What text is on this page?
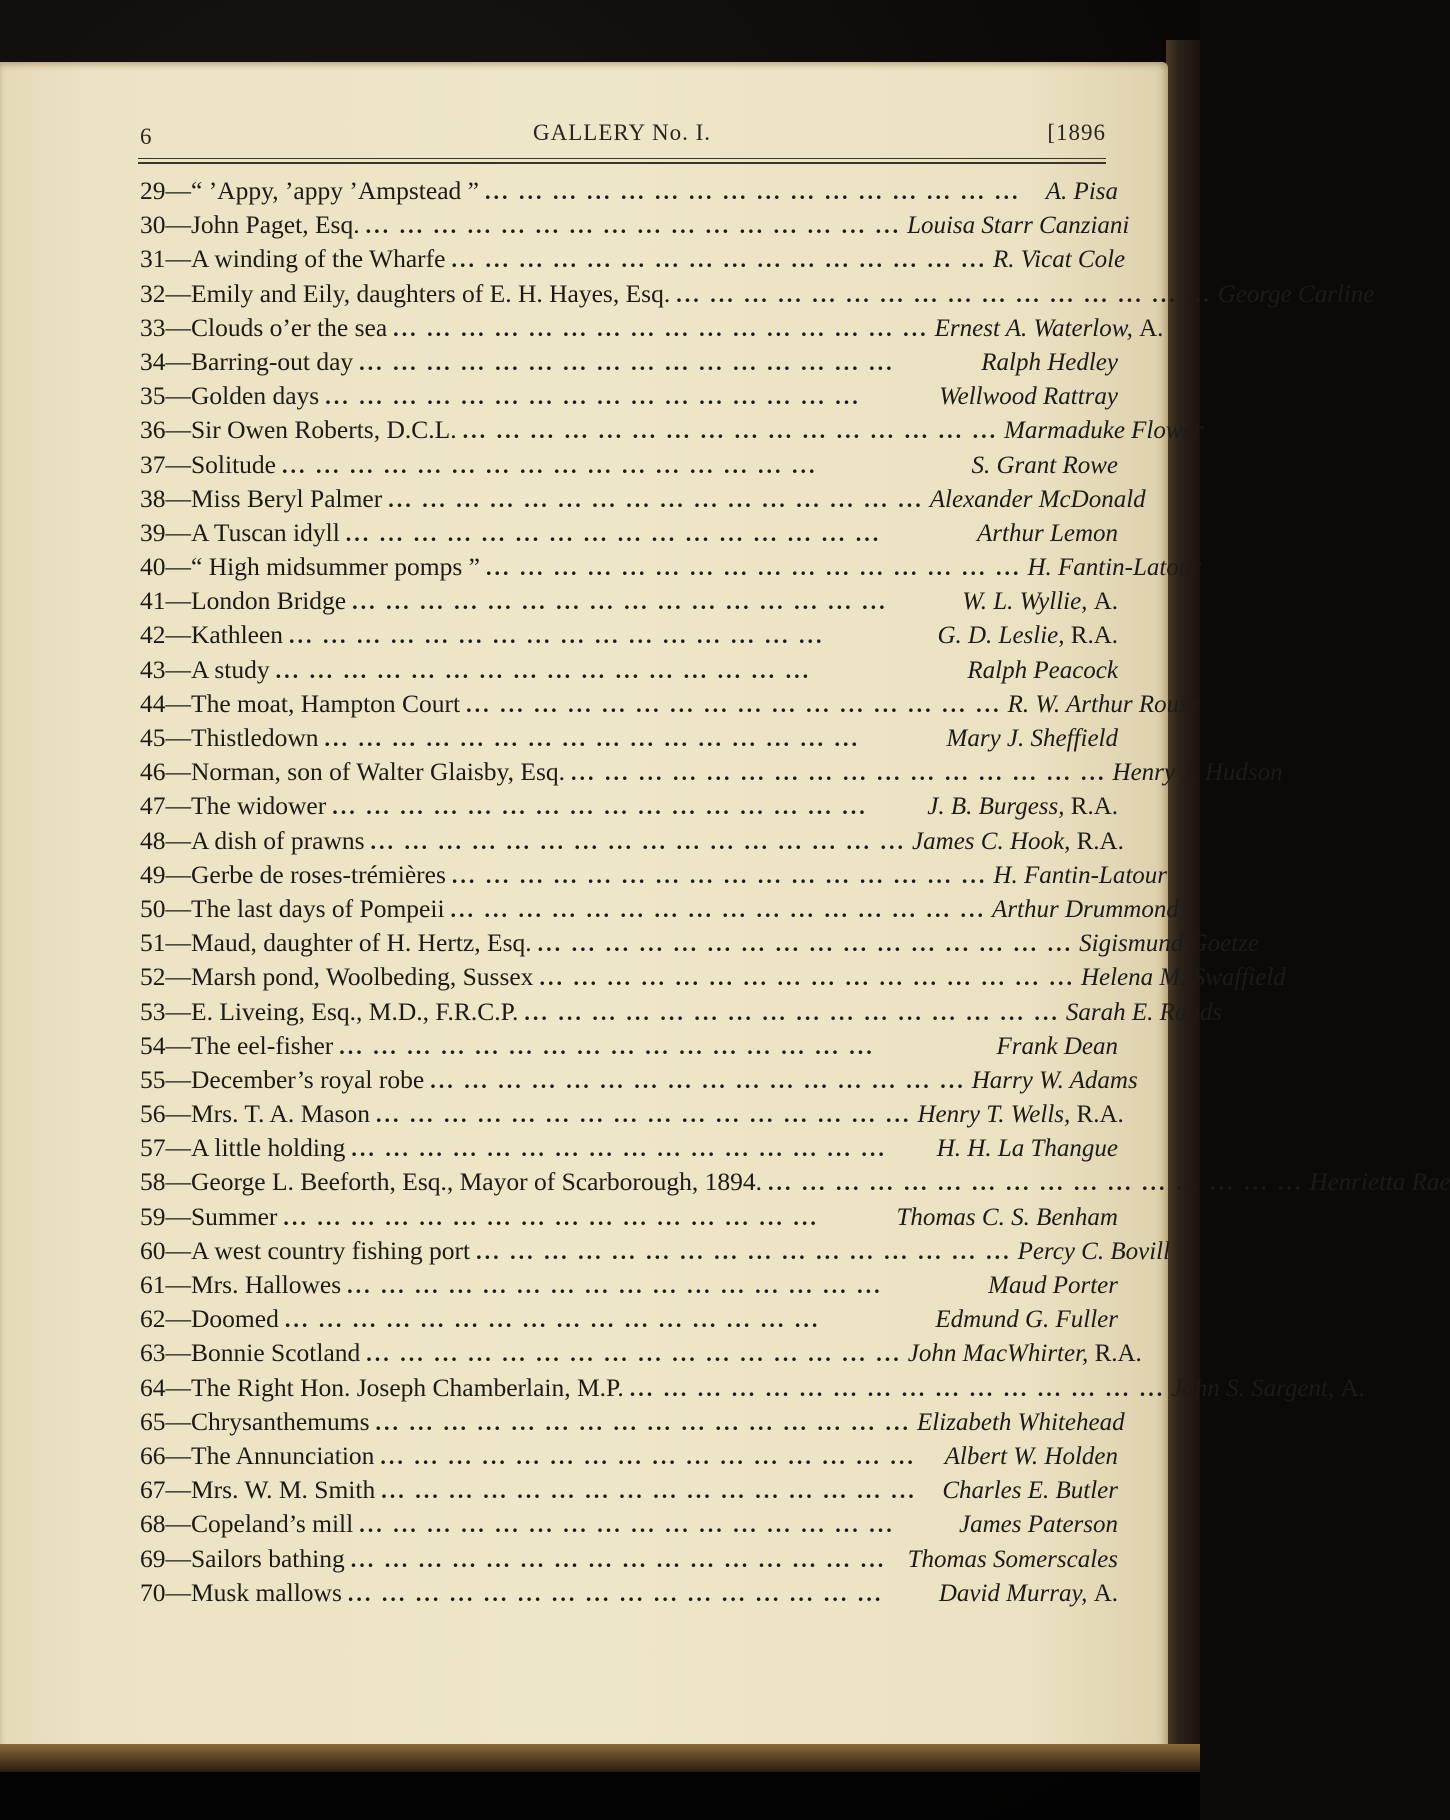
6	GALLERY No. I.	[1896
29—“ ’Appy, ’appy ’Ampstead ” ... ... ... ... ... ... ... ... ... ... ... ... ... ... ... ...	A. Pisa
30—John Paget, Esq. ... ... ... ... ... ... ... ... ... ... ... ... ... ... ... ... Louisa Starr Canziani
31—A winding of the Wharfe ... ... ... ... ... ... ... ... ... ... ... ... ... ... ... ... R. Vicat Cole
32—Emily and Eily, daughters of E. H. Hayes, Esq. ... ... ... ... ... ... ... ... ... ... ... ... ... ... ... ... George Carline
33—Clouds o’er the sea ... ... ... ... ... ... ... ... ... ... ... ... ... ... ... ... Ernest A. Waterlow, A.
34—Barring-out day ... ... ... ... ... ... ... ... ... ... ... ... ... ... ... ...	Ralph Hedley
35—Golden days ... ... ... ... ... ... ... ... ... ... ... ... ... ... ... ...	Wellwood Rattray
36—Sir Owen Roberts, D.C.L. ... ... ... ... ... ... ... ... ... ... ... ... ... ... ... ... Marmaduke Flower
37—Solitude ... ... ... ... ... ... ... ... ... ... ... ... ... ... ... ...	S. Grant Rowe
38—Miss Beryl Palmer ... ... ... ... ... ... ... ... ... ... ... ... ... ... ... ... Alexander McDonald
39—A Tuscan idyll ... ... ... ... ... ... ... ... ... ... ... ... ... ... ... ...	Arthur Lemon
40—“ High midsummer pomps ” ... ... ... ... ... ... ... ... ... ... ... ... ... ... ... ... H. Fantin-Latour
41—London Bridge ... ... ... ... ... ... ... ... ... ... ... ... ... ... ... ...	W. L. Wyllie, A.
42—Kathleen ... ... ... ... ... ... ... ... ... ... ... ... ... ... ... ...	G. D. Leslie, R.A.
43—A study ... ... ... ... ... ... ... ... ... ... ... ... ... ... ... ...	Ralph Peacock
44—The moat, Hampton Court ... ... ... ... ... ... ... ... ... ... ... ... ... ... ... ... R. W. Arthur Rouse
45—Thistledown ... ... ... ... ... ... ... ... ... ... ... ... ... ... ... ...	Mary J. Sheffield
46—Norman, son of Walter Glaisby, Esq. ... ... ... ... ... ... ... ... ... ... ... ... ... ... ... ... Henry J. Hudson
47—The widower ... ... ... ... ... ... ... ... ... ... ... ... ... ... ... ...	J. B. Burgess, R.A.
48—A dish of prawns ... ... ... ... ... ... ... ... ... ... ... ... ... ... ... ... James C. Hook, R.A.
49—Gerbe de roses-trémières ... ... ... ... ... ... ... ... ... ... ... ... ... ... ... ... H. Fantin-Latour
50—The last days of Pompeii ... ... ... ... ... ... ... ... ... ... ... ... ... ... ... ... Arthur Drummond
51—Maud, daughter of H. Hertz, Esq. ... ... ... ... ... ... ... ... ... ... ... ... ... ... ... ... Sigismund Goetze
52—Marsh pond, Woolbeding, Sussex ... ... ... ... ... ... ... ... ... ... ... ... ... ... ... ... Helena M. Swaffield
53—E. Liveing, Esq., M.D., F.R.C.P. ... ... ... ... ... ... ... ... ... ... ... ... ... ... ... ... Sarah E. Rands
54—The eel-fisher ... ... ... ... ... ... ... ... ... ... ... ... ... ... ... ...	Frank Dean
55—December’s royal robe ... ... ... ... ... ... ... ... ... ... ... ... ... ... ... ... Harry W. Adams
56—Mrs. T. A. Mason ... ... ... ... ... ... ... ... ... ... ... ... ... ... ... ... Henry T. Wells, R.A.
57—A little holding ... ... ... ... ... ... ... ... ... ... ... ... ... ... ... ...	H. H. La Thangue
58—George L. Beeforth, Esq., Mayor of Scarborough, 1894. ... ... ... ... ... ... ... ... ... ... ... ... ... ... ... ... Henrietta Rae
59—Summer ... ... ... ... ... ... ... ... ... ... ... ... ... ... ... ...	Thomas C. S. Benham
60—A west country fishing port ... ... ... ... ... ... ... ... ... ... ... ... ... ... ... ... Percy C. Bovill
61—Mrs. Hallowes ... ... ... ... ... ... ... ... ... ... ... ... ... ... ... ...	Maud Porter
62—Doomed ... ... ... ... ... ... ... ... ... ... ... ... ... ... ... ...	Edmund G. Fuller
63—Bonnie Scotland ... ... ... ... ... ... ... ... ... ... ... ... ... ... ... ... John MacWhirter, R.A.
64—The Right Hon. Joseph Chamberlain, M.P. ... ... ... ... ... ... ... ... ... ... ... ... ... ... ... ... John S. Sargent, A.
65—Chrysanthemums ... ... ... ... ... ... ... ... ... ... ... ... ... ... ... ... Elizabeth Whitehead
66—The Annunciation ... ... ... ... ... ... ... ... ... ... ... ... ... ... ... ...	Albert W. Holden
67—Mrs. W. M. Smith ... ... ... ... ... ... ... ... ... ... ... ... ... ... ... ...	Charles E. Butler
68—Copeland’s mill ... ... ... ... ... ... ... ... ... ... ... ... ... ... ... ...	James Paterson
69—Sailors bathing ... ... ... ... ... ... ... ... ... ... ... ... ... ... ... ... Thomas Somerscales
70—Musk mallows ... ... ... ... ... ... ... ... ... ... ... ... ... ... ... ...	David Murray, A.
